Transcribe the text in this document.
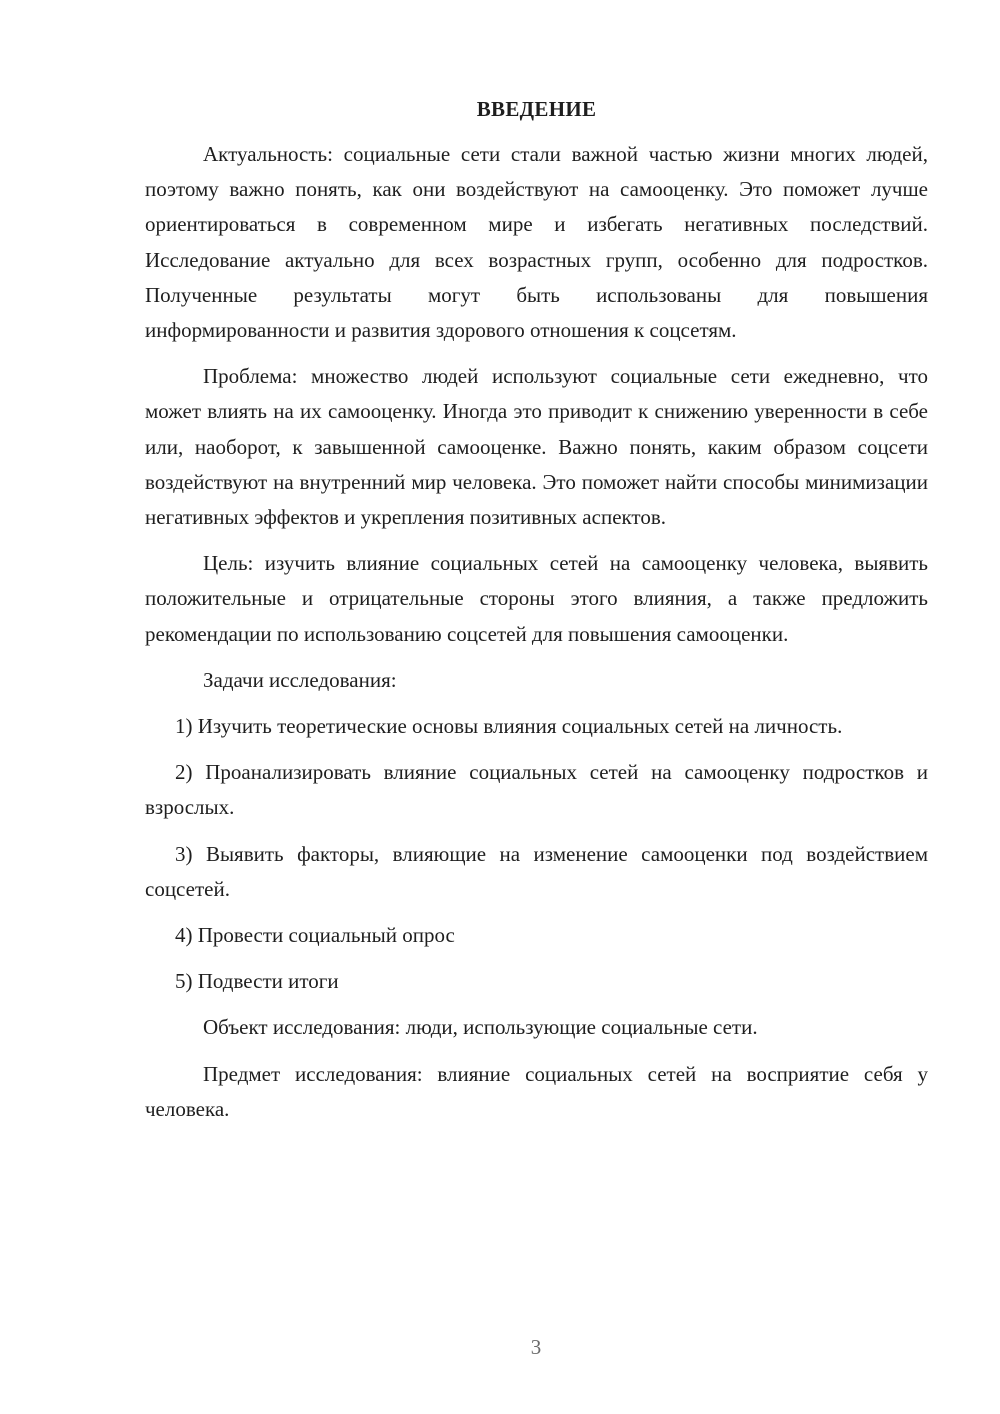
ВВЕДЕНИЕ

Актуальность: социальные сети стали важной частью жизни многих людей, поэтому важно понять, как они воздействуют на самооценку. Это поможет лучше ориентироваться в современном мире и избегать негативных последствий. Исследование актуально для всех возрастных групп, особенно для подростков. Полученные результаты могут быть использованы для повышения информированности и развития здорового отношения к соцсетям.

Проблема: множество людей используют социальные сети ежедневно, что может влиять на их самооценку. Иногда это приводит к снижению уверенности в себе или, наоборот, к завышенной самооценке. Важно понять, каким образом соцсети воздействуют на внутренний мир человека. Это поможет найти способы минимизации негативных эффектов и укрепления позитивных аспектов.

Цель: изучить влияние социальных сетей на самооценку человека, выявить положительные и отрицательные стороны этого влияния, а также предложить рекомендации по использованию соцсетей для повышения самооценки.

Задачи исследования:

1) Изучить теоретические основы влияния социальных сетей на личность.

2) Проанализировать влияние социальных сетей на самооценку подростков и взрослых.

3) Выявить факторы, влияющие на изменение самооценки под воздействием соцсетей.

4) Провести социальный опрос

5) Подвести итоги

Объект исследования: люди, использующие социальные сети.

Предмет исследования: влияние социальных сетей на восприятие себя у человека.

3
